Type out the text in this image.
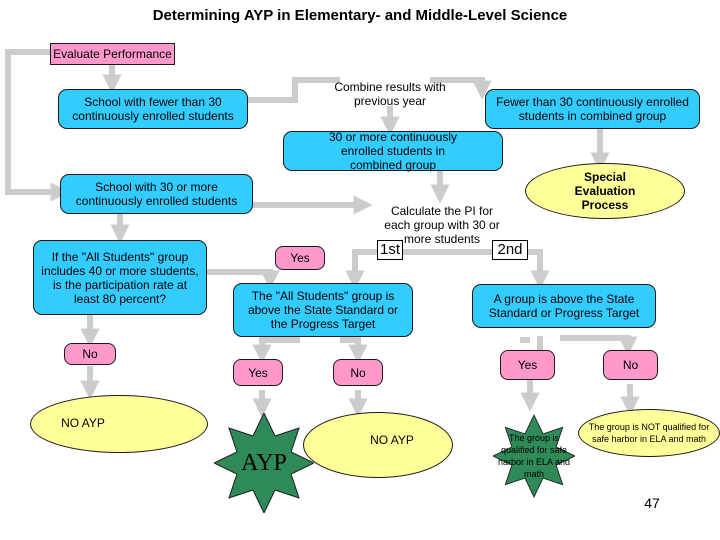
Determining AYP in Elementary- and Middle-Level Science
Evaluate Performance
School with fewer than 30 continuously enrolled students
Combine results with previous year	Fewer than 30 continuously enrolled students in combined group
30 or more continuously enrolled students in combined group
Special Evaluation Process
School with 30 or more continuously enrolled students
Calculate the PI for each group with 30 or more students
1st	2nd
If the "All Students" group includes 40 or more students, is the participation rate at least 80 percent?
Yes
The "All Students" group is above the State Standard or the Progress Target
A group is above the State Standard or Progress Target
No
Yes	No
Yes	No
NO AYP
AYP
NO AYP	The group is qualified for safe harbor in ELA and math
The group is NOT qualified for safe harbor in ELA and math
47
